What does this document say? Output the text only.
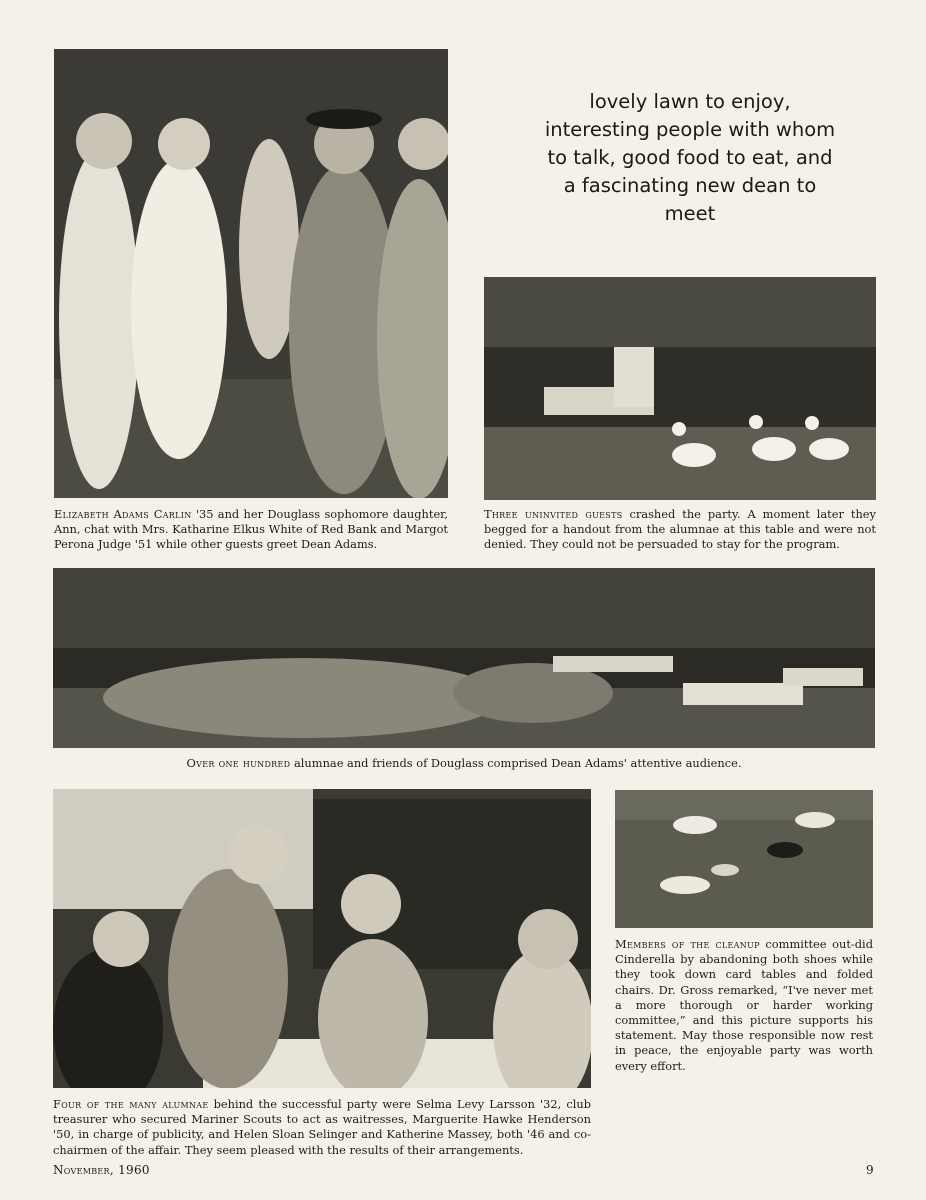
lovely lawn to enjoy, interesting people with whom to talk, good food to eat, and a fascinating new dean to meet

Elizabeth Adams Carlin '35 and her Douglass sophomore daughter, Ann, chat with Mrs. Katharine Elkus White of Red Bank and Margot Perona Judge '51 while other guests greet Dean Adams.

Three uninvited guests crashed the party. A moment later they begged for a handout from the alumnae at this table and were not denied. They could not be persuaded to stay for the program.

Over one hundred alumnae and friends of Douglass comprised Dean Adams' attentive audience.

Four of the many alumnae behind the successful party were Selma Levy Larsson '32, club treasurer who secured Mariner Scouts to act as waitresses, Marguerite Hawke Henderson '50, in charge of publicity, and Helen Sloan Selinger and Katherine Massey, both '46 and co-chairmen of the affair. They seem pleased with the results of their arrangements.

Members of the cleanup committee out-did Cinderella by abandoning both shoes while they took down card tables and folded chairs. Dr. Gross remarked, “I've never met a more thorough or harder working committee,” and this picture supports his statement. May those responsible now rest in peace, the enjoyable party was worth every effort.

November, 1960	9
